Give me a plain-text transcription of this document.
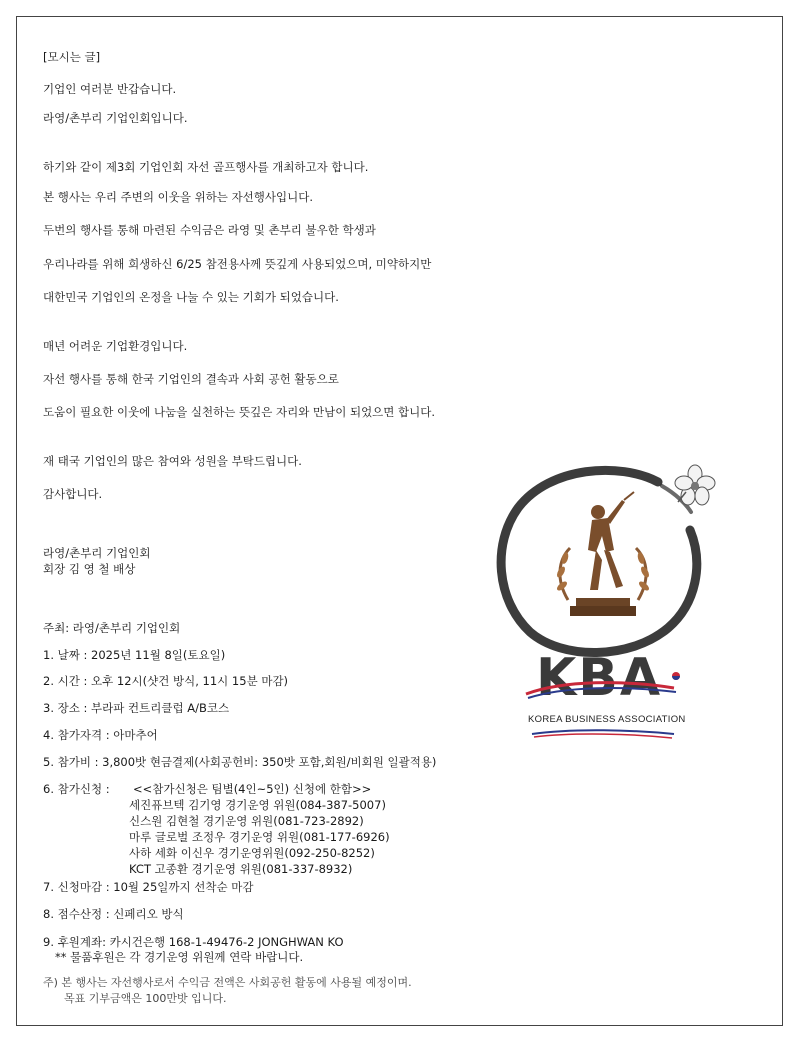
[모시는 글]
기업인 여러분 반갑습니다.
라영/촌부리 기업인회입니다.
하기와 같이 제3회 기업인회 자선 골프행사를 개최하고자 합니다.
본 행사는 우리 주변의 이웃을 위하는 자선행사입니다.
두번의 행사를 통해 마련된 수익금은 라영 및 촌부리 불우한 학생과
우리나라를 위해 희생하신 6/25 참전용사께 뜻깊게 사용되었으며, 미약하지만
대한민국 기업인의 온정을 나눌 수 있는 기회가 되었습니다.
매년 어려운 기업환경입니다.
자선 행사를 통해 한국 기업인의 결속과 사회 공헌 활동으로
도움이 필요한 이웃에 나눔을 실천하는 뜻깊은 자리와 만남이 되었으면 합니다.
재 태국 기업인의 많은 참여와 성원을 부탁드립니다.
감사합니다.
라영/촌부리 기업인회
회장 김 영 철 배상
주최: 라영/촌부리 기업인회
1. 날짜 : 2025년 11월 8일(토요일)
2. 시간 : 오후 12시(샷건 방식, 11시 15분 마감)
3. 장소 : 부라파 컨트리클럽 A/B코스
4. 참가자격 : 아마추어
5. 참가비 : 3,800밧 현금결제(사회공헌비: 350밧 포함,회원/비회원 일괄적용)
6. 참가신청 : <<참가신청은 팀별(4인~5인) 신청에 한함>>
세진퓨브텍 김기영 경기운영 위원(084-387-5007)
신스원 김현철 경기운영 위원(081-723-2892)
마루 글로벌 조정우 경기운영 위원(081-177-6926)
사하 세화 이신우 경기운영위원(092-250-8252)
KCT 고종환 경기운영 위원(081-337-8932)
7. 신청마감 : 10월 25일까지 선착순 마감
8. 점수산정 : 신페리오 방식
9. 후원계좌: 카시건은행 168-1-49476-2 JONGHWAN KO
** 물품후원은 각 경기운영 위원께 연락 바랍니다.
주) 본 행사는 자선행사로서 수익금 전액은 사회공헌 활동에 사용될 예정이며.
목표 기부금액은 100만밧 입니다.
KBA
KOREA BUSINESS ASSOCIATION
